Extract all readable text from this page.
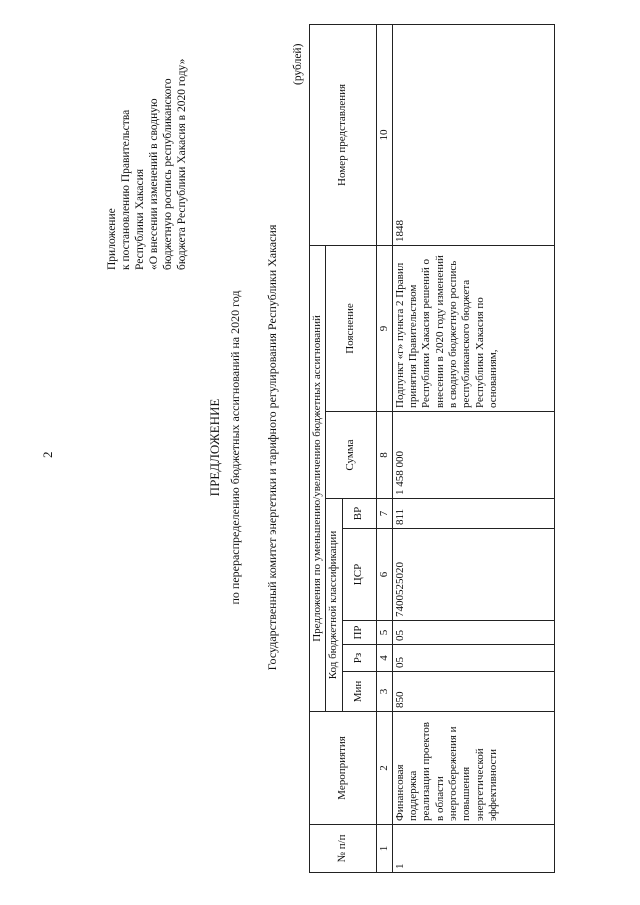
2
Приложение к постановлению Правительства Республики Хакасия «О внесении изменений в сводную бюджетную роспись республиканского бюджета Республики Хакасия в 2020 году»
ПРЕДЛОЖЕНИЕ по перераспределению бюджетных ассигнований на 2020 год Государственный комитет энергетики и тарифного регулирования Республики Хакасия
(рублей)
№ п/п	Мероприятия	Предложения по уменьшению/увеличению бюджетных ассигнований							Номер представления
		Код бюджетной классификации					Сумма	Пояснение	
		Мин	Рз	ПР	ЦСР	ВР			
1	2	3	4	5	6	7	8	9	10
1	Финансовая поддержка реализации проектов в области энергосбережения и повышения энергетической эффективности	850	05	05	7400525020	811	1 458 000	Подпункт «г» пункта 2 Правил принятия Правительством Республики Хакасия решений о внесении в 2020 году изменений в сводную бюджетную роспись республиканского бюджета Республики Хакасия по основаниям,	1848
